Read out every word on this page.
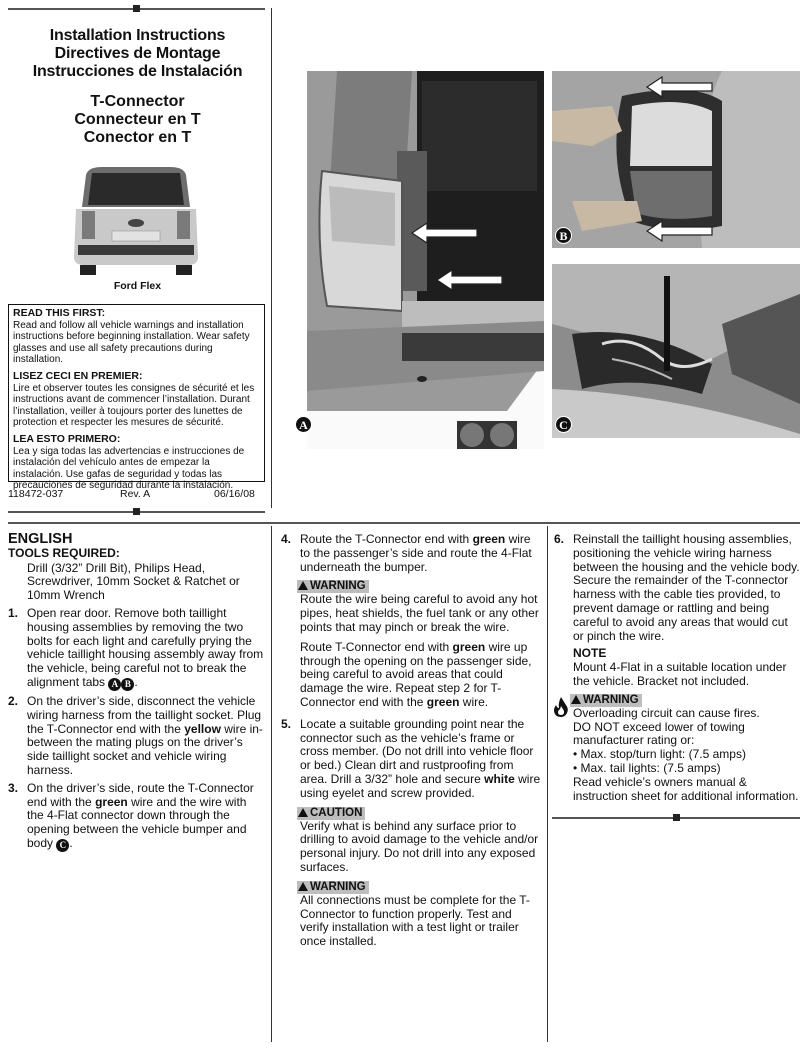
Installation Instructions
Directives de Montage
Instrucciones de Instalación
T-Connector
Connecteur en T
Conector en T
Ford Flex
READ THIS FIRST:
Read and follow all vehicle warnings and installation instructions before beginning installation. Wear safety glasses and use all safety precautions during installation.
LISEZ CECI EN PREMIER:
Lire et observer toutes les consignes de sécurité et les instructions avant de commencer l’installation. Durant l’installation, veiller à toujours porter des lunettes de protection et respecter les mesures de sécurité.
LEA ESTO PRIMERO:
Lea y siga todas las advertencias e instrucciones de instalación del vehículo antes de empezar la instalación. Use gafas de seguridad y todas las precauciones de seguridad durante la instalación.
118472-037	Rev. A	06/16/08
A
B
C

ENGLISH

TOOLS REQUIRED:

Drill (3/32” Drill Bit), Philips Head, Screwdriver, 10mm Socket & Ratchet or 10mm Wrench

1. Open rear door. Remove both taillight housing assemblies by removing the two bolts for each light and carefully prying the vehicle taillight housing assembly away from the vehicle, being careful not to break the alignment tabs A B .
2. On the driver’s side, disconnect the vehicle wiring harness from the taillight socket. Plug the T-Connector end with the yellow wire in-between the mating plugs on the driver’s side taillight socket and vehicle wiring harness.
3. On the driver’s side, route the T-Connector end with the green wire and the wire with the 4-Flat connector down through the opening between the vehicle bumper and body C .
4. Route the T-Connector end with green wire to the passenger’s side and route the 4-Flat underneath the bumper.
WARNING

Route the wire being careful to avoid any hot pipes, heat shields, the fuel tank or any other points that may pinch or break the wire.

Route T-Connector end with green wire up through the opening on the passenger side, being careful to avoid areas that could damage the wire. Repeat step 2 for T-Connector end with the green wire.

5. Locate a suitable grounding point near the connector such as the vehicle’s frame or cross member. (Do not drill into vehicle floor or bed.) Clean dirt and rustproofing from area. Drill a 3/32” hole and secure white wire using eyelet and screw provided.
CAUTION

Verify what is behind any surface prior to drilling to avoid damage to the vehicle and/or personal injury. Do not drill into any exposed surfaces.

WARNING

All connections must be complete for the T-Connector to function properly. Test and verify installation with a test light or trailer once installed.

6. Reinstall the taillight housing assemblies, positioning the vehicle wiring harness between the housing and the vehicle body. Secure the remainder of the T-connector harness with the cable ties provided, to prevent damage or rattling and being careful to avoid any areas that would cut or pinch the wire.

NOTE

Mount 4-Flat in a suitable location under the vehicle. Bracket not included.

WARNING

Overloading circuit can cause fires.

DO NOT exceed lower of towing manufacturer rating or:

• Max. stop/turn light: (7.5 amps)

• Max. tail lights: (7.5 amps)

Read vehicle’s owners manual & instruction sheet for additional information.
